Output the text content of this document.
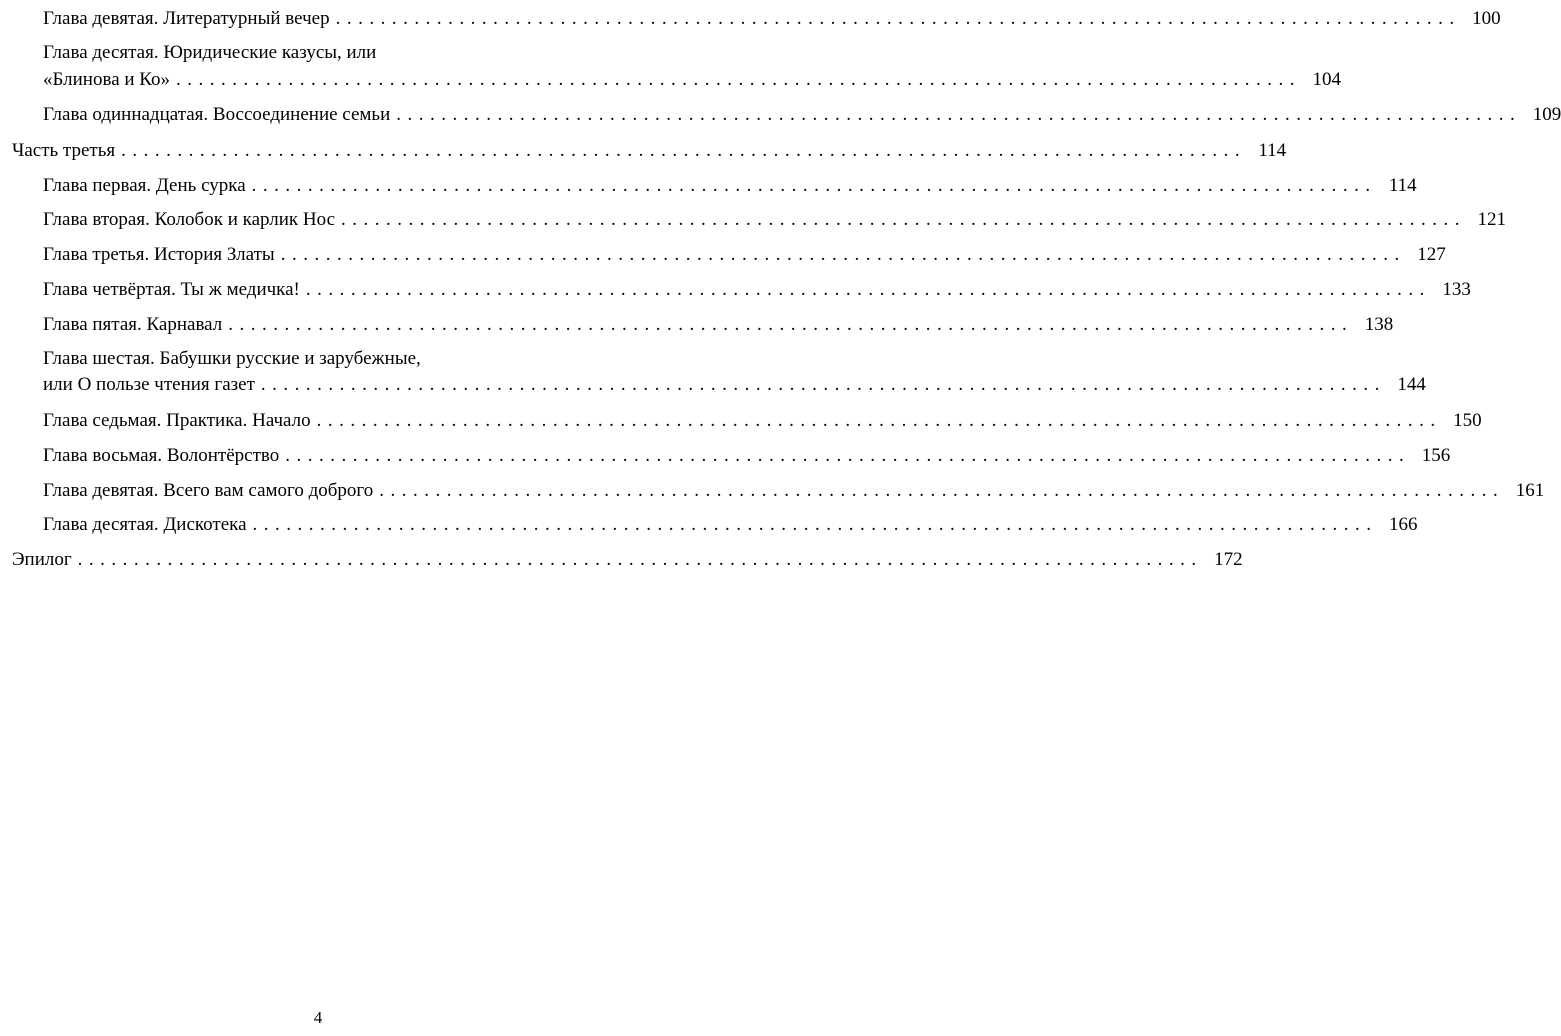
Глава девятая. Литературный вечер .................................................................................................... 100
Глава десятая. Юридические казусы, или
«Блинова и Ко» .................................................................................................... 104
Глава одиннадцатая. Воссоединение семьи .................................................................................................... 109
Часть третья .................................................................................................... 114
Глава первая. День сурка .................................................................................................... 114
Глава вторая. Колобок и карлик Нос .................................................................................................... 121
Глава третья. История Златы .................................................................................................... 127
Глава четвёртая. Ты ж медичка! .................................................................................................... 133
Глава пятая. Карнавал .................................................................................................... 138
Глава шестая. Бабушки русские и зарубежные,
или О пользе чтения газет .................................................................................................... 144
Глава седьмая. Практика. Начало .................................................................................................... 150
Глава восьмая. Волонтёрство .................................................................................................... 156
Глава девятая. Всего вам самого доброго .................................................................................................... 161
Глава десятая. Дискотека .................................................................................................... 166
Эпилог .................................................................................................... 172
4
